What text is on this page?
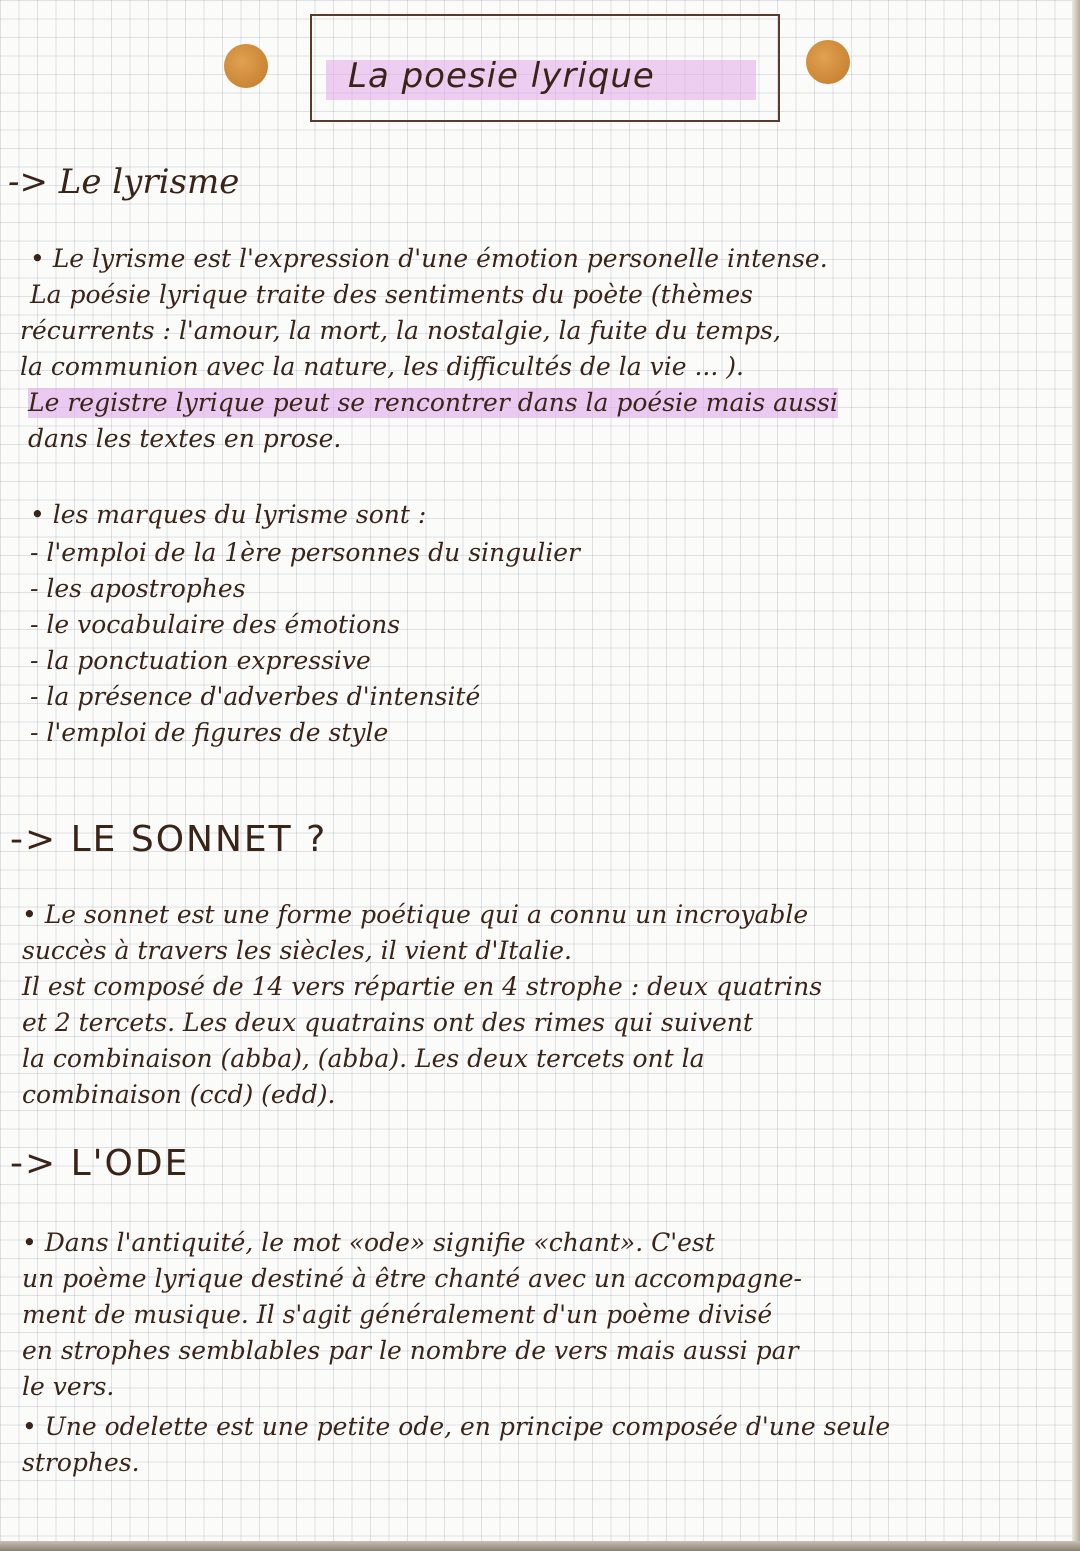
La poesie lyrique
-> Le lyrisme
• Le lyrisme est l'expression d'une émotion personelle intense.
La poésie lyrique traite des sentiments du poète (thèmes
récurrents : l'amour, la mort, la nostalgie, la fuite du temps,
la communion avec la nature, les difficultés de la vie ... ).
Le registre lyrique peut se rencontrer dans la poésie mais aussi
dans les textes en prose.
• les marques du lyrisme sont :
- l'emploi de la 1ère personnes du singulier
- les apostrophes
- le vocabulaire des émotions
- la ponctuation expressive
- la présence d'adverbes d'intensité
- l'emploi de figures de style
-> LE SONNET ?
• Le sonnet est une forme poétique qui a connu un incroyable
succès à travers les siècles, il vient d'Italie.
Il est composé de 14 vers répartie en 4 strophe : deux quatrins
et 2 tercets. Les deux quatrains ont des rimes qui suivent
la combinaison (abba), (abba). Les deux tercets ont la
combinaison (ccd) (edd).
-> L'ODE
• Dans l'antiquité, le mot «ode» signifie «chant». C'est
un poème lyrique destiné à être chanté avec un accompagne-
ment de musique. Il s'agit généralement d'un poème divisé
en strophes semblables par le nombre de vers mais aussi par
le vers.
• Une odelette est une petite ode, en principe composée d'une seule
strophes.
